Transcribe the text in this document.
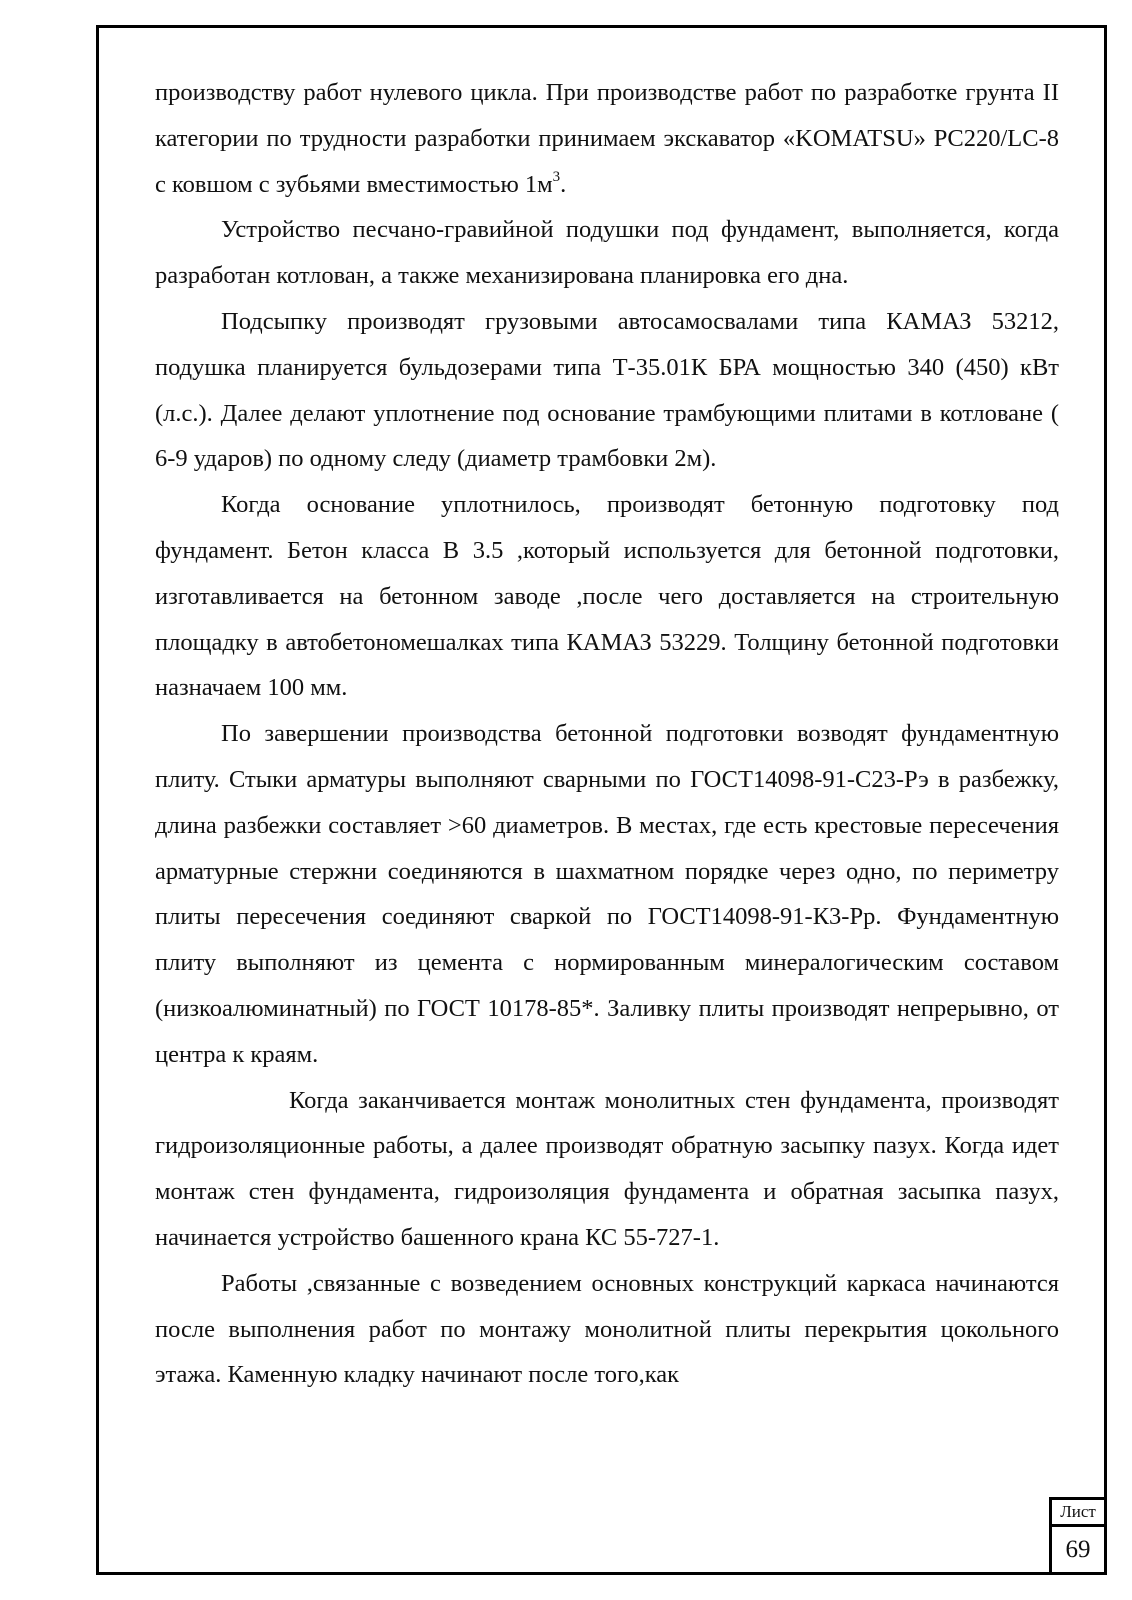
производству работ нулевого цикла. При производстве работ по разработке грунта II категории по трудности разработки принимаем экскаватор «KOMATSU» PC220/LC-8 с ковшом с зубьями вместимостью $1м^3$.

Устройство песчано-гравийной подушки под фундамент, выполняется, когда разработан котлован, а также механизирована планировка его дна.

Подсыпку производят грузовыми автосамосвалами типа КАМАЗ 53212, подушка планируется бульдозерами типа Т-35.01К БРА мощностью 340 (450) кВт (л.с.). Далее делают уплотнение под основание трамбующими плитами в котловане ( 6-9 ударов) по одному следу (диаметр трамбовки 2м).

Когда основание уплотнилось, производят бетонную подготовку под фундамент. Бетон класса В 3.5 ,который используется для бетонной подготовки, изготавливается на бетонном заводе ,после чего доставляется на строительную площадку в автобетономешалках типа КАМАЗ 53229. Толщину бетонной подготовки назначаем 100 мм.

По завершении производства бетонной подготовки возводят фундаментную плиту. Стыки арматуры выполняют сварными по ГОСТ14098-91-С23-Рэ в разбежку, длина разбежки составляет >60 диаметров. В местах, где есть крестовые пересечения арматурные стержни соединяются в шахматном порядке через одно, по периметру плиты пересечения соединяют сваркой по ГОСТ14098-91-К3-Рр. Фундаментную плиту выполняют из цемента с нормированным минералогическим составом (низкоалюминатный) по ГОСТ 10178-85*. Заливку плиты производят непрерывно, от центра к краям.

Когда заканчивается монтаж монолитных стен фундамента, производят гидроизоляционные работы, а далее производят обратную засыпку пазух. Когда идет монтаж стен фундамента, гидроизоляция фундамента и обратная засыпка пазух, начинается устройство башенного крана КС 55-727-1.

Работы ,связанные с возведением основных конструкций каркаса начинаются после выполнения работ по монтажу монолитной плиты перекрытия цокольного этажа. Каменную кладку начинают после того,как

Лист
69
